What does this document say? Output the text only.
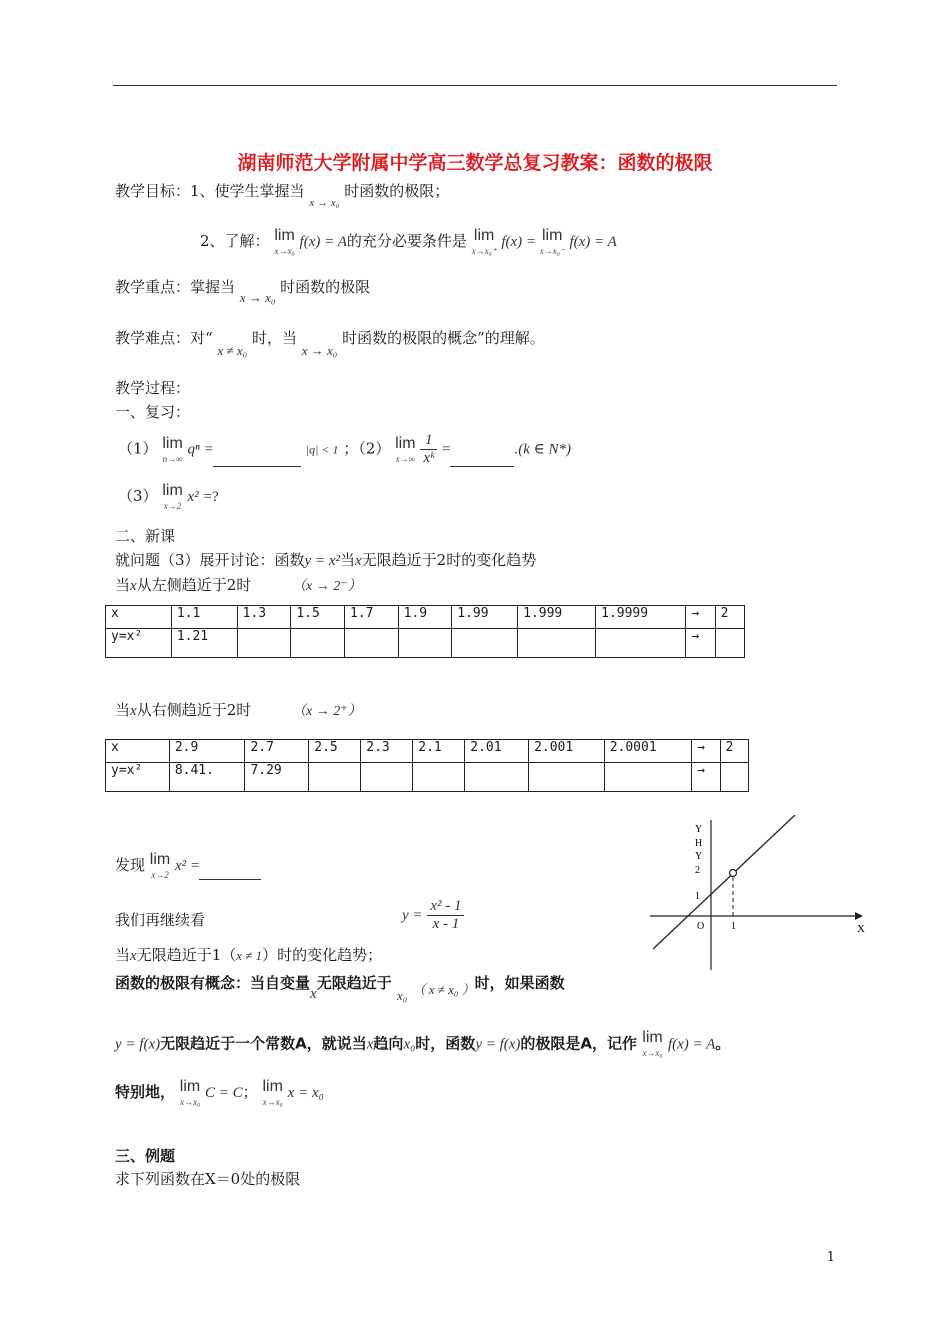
湖南师范大学附属中学高三数学总复习教案：函数的极限
教学目标：1、使学生掌握当 $_{x \to x_0}$ 时函数的极限；
2、了解： lim
x→x₀
f(x) = A的充分必要条件是 lim
x→x₀⁺
f(x) = lim
x→x₀⁻
f(x) = A
教学重点：掌握当 x → x₀ 时函数的极限
教学难点：对“ x ≠ x₀ 时，当 x → x₀ 时函数的极限的概念”的理解。
教学过程：
一、复习：
（1） lim
n→∞
qⁿ =	|q| < 1 ；（2） lim
x→∞
$\frac{1}{\text{xᵏ}}$ =	.(k ∈ N*)
（3） lim
x→2
x² =?
二、新课
就问题（3）展开讨论：函数y = x²当x无限趋近于2时的变化趋势
当x从左侧趋近于2时	（x → 2⁻）
x	1.1	1.3	1.5	1.7	1.9	1.99	1.999	1.9999	→	2
y=x²	1.21								→	
当x从右侧趋近于2时	（x → 2⁺）
x	2.9	2.7	2.5	2.3	2.1	2.01	2.001	2.0001	→	2
y=x²	8.41.	7.29							→	
发现 lim
x→2
x² =
我们再继续看	$y = \frac{\text{x² - 1}}{x - 1}$
当x无限趋近于1（x ≠ 1）时的变化趋势；
Y
H
Y
2
1
O	1	X
函数的极限有概念：当自变量x无限趋近于 x₀ （ x ≠ x₀ ）时，如果函数
y = f(x)无限趋近于一个常数A，就说当x趋向x₀时，函数y = f(x)的极限是A，记作 lim
x→x₀
f(x) = A。
特别地， lim
x→x₀
C = C； lim
x→x₀
x = x₀
三、例题
求下列函数在X＝0处的极限
1
